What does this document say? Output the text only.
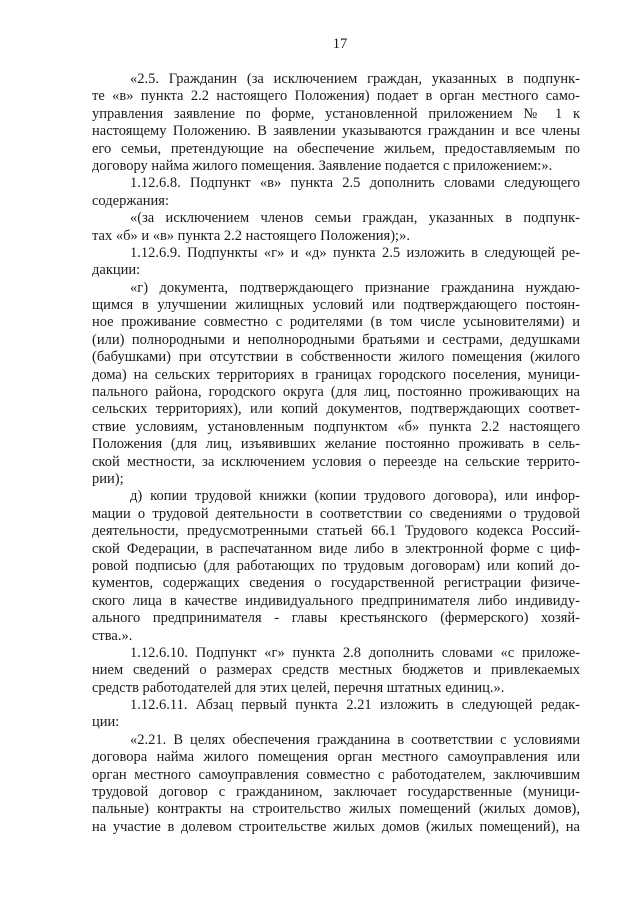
17
«2.5. Гражданин (за исключением граждан, указанных в подпунк-
те «в» пункта 2.2 настоящего Положения) подает в орган местного само-
управления заявление по форме, установленной приложением № 1 к
настоящему Положению. В заявлении указываются гражданин и все члены
его семьи, претендующие на обеспечение жильем, предоставляемым по
договору найма жилого помещения. Заявление подается с приложением:».
1.12.6.8. Подпункт «в» пункта 2.5 дополнить словами следующего
содержания:
«(за исключением членов семьи граждан, указанных в подпунк-
тах «б» и «в» пункта 2.2 настоящего Положения);».
1.12.6.9. Подпункты «г» и «д» пункта 2.5 изложить в следующей ре-
дакции:
«г) документа, подтверждающего признание гражданина нуждаю-
щимся в улучшении жилищных условий или подтверждающего постоян-
ное проживание совместно с родителями (в том числе усыновителями) и
(или) полнородными и неполнородными братьями и сестрами, дедушками
(бабушками) при отсутствии в собственности жилого помещения (жилого
дома) на сельских территориях в границах городского поселения, муници-
пального района, городского округа (для лиц, постоянно проживающих на
сельских территориях), или копий документов, подтверждающих соответ-
ствие условиям, установленным подпунктом «б» пункта 2.2 настоящего
Положения (для лиц, изъявивших желание постоянно проживать в сель-
ской местности, за исключением условия о переезде на сельские террито-
рии);
д) копии трудовой книжки (копии трудового договора), или инфор-
мации о трудовой деятельности в соответствии со сведениями о трудовой
деятельности, предусмотренными статьей 66.1 Трудового кодекса Россий-
ской Федерации, в распечатанном виде либо в электронной форме с циф-
ровой подписью (для работающих по трудовым договорам) или копий до-
кументов, содержащих сведения о государственной регистрации физиче-
ского лица в качестве индивидуального предпринимателя либо индивиду-
ального предпринимателя - главы крестьянского (фермерского) хозяй-
ства.».
1.12.6.10. Подпункт «г» пункта 2.8 дополнить словами «с приложе-
нием сведений о размерах средств местных бюджетов и привлекаемых
средств работодателей для этих целей, перечня штатных единиц.».
1.12.6.11. Абзац первый пункта 2.21 изложить в следующей редак-
ции:
«2.21. В целях обеспечения гражданина в соответствии с условиями
договора найма жилого помещения орган местного самоуправления или
орган местного самоуправления совместно с работодателем, заключившим
трудовой договор с гражданином, заключает государственные (муници-
пальные) контракты на строительство жилых помещений (жилых домов),
на участие в долевом строительстве жилых домов (жилых помещений), на
